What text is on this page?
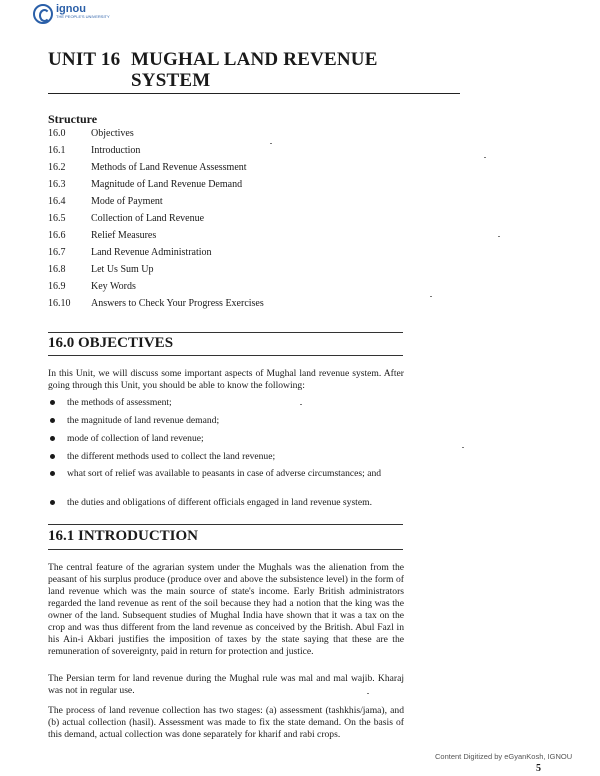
ignou
THE PEOPLE'S UNIVERSITY
UNIT 16 MUGHAL LAND REVENUE SYSTEM
Structure
16.0	Objectives
16.1	Introduction
16.2	Methods of Land Revenue Assessment
16.3	Magnitude of Land Revenue Demand
16.4	Mode of Payment
16.5	Collection of Land Revenue
16.6	Relief Measures
16.7	Land Revenue Administration
16.8	Let Us Sum Up
16.9	Key Words
16.10 Answers to Check Your Progress Exercises
16.0 OBJECTIVES
In this Unit, we will discuss some important aspects of Mughal land revenue system. After going through this Unit, you should be able to know the following:
the methods of assessment;
the magnitude of land revenue demand;
mode of collection of land revenue;
the different methods used to collect the land revenue;
what sort of relief was available to peasants in case of adverse circumstances; and
the duties and obligations of different officials engaged in land revenue system.
16.1 INTRODUCTION
The central feature of the agrarian system under the Mughals was the alienation from the peasant of his surplus produce (produce over and above the subsistence level) in the form of land revenue which was the main source of state's income. Early British administrators regarded the land revenue as rent of the soil because they had a notion that the king was the owner of the land. Subsequent studies of Mughal India have shown that it was a tax on the crop and was thus different from the land revenue as conceived by the British. Abul Fazl in his Ain-i Akbari justifies the imposition of taxes by the state saying that these are the remuneration of sovereignty, paid in return for protection and justice.
The Persian term for land revenue during the Mughal rule was mal and mal wajib. Kharaj was not in regular use.
The process of land revenue collection has two stages: (a) assessment (tashkhis/jama), and (b) actual collection (hasil). Assessment was made to fix the state demand. On the basis of this demand, actual collection was done separately for kharif and rabi crops.
Content Digitized by eGyanKosh, IGNOU
5
